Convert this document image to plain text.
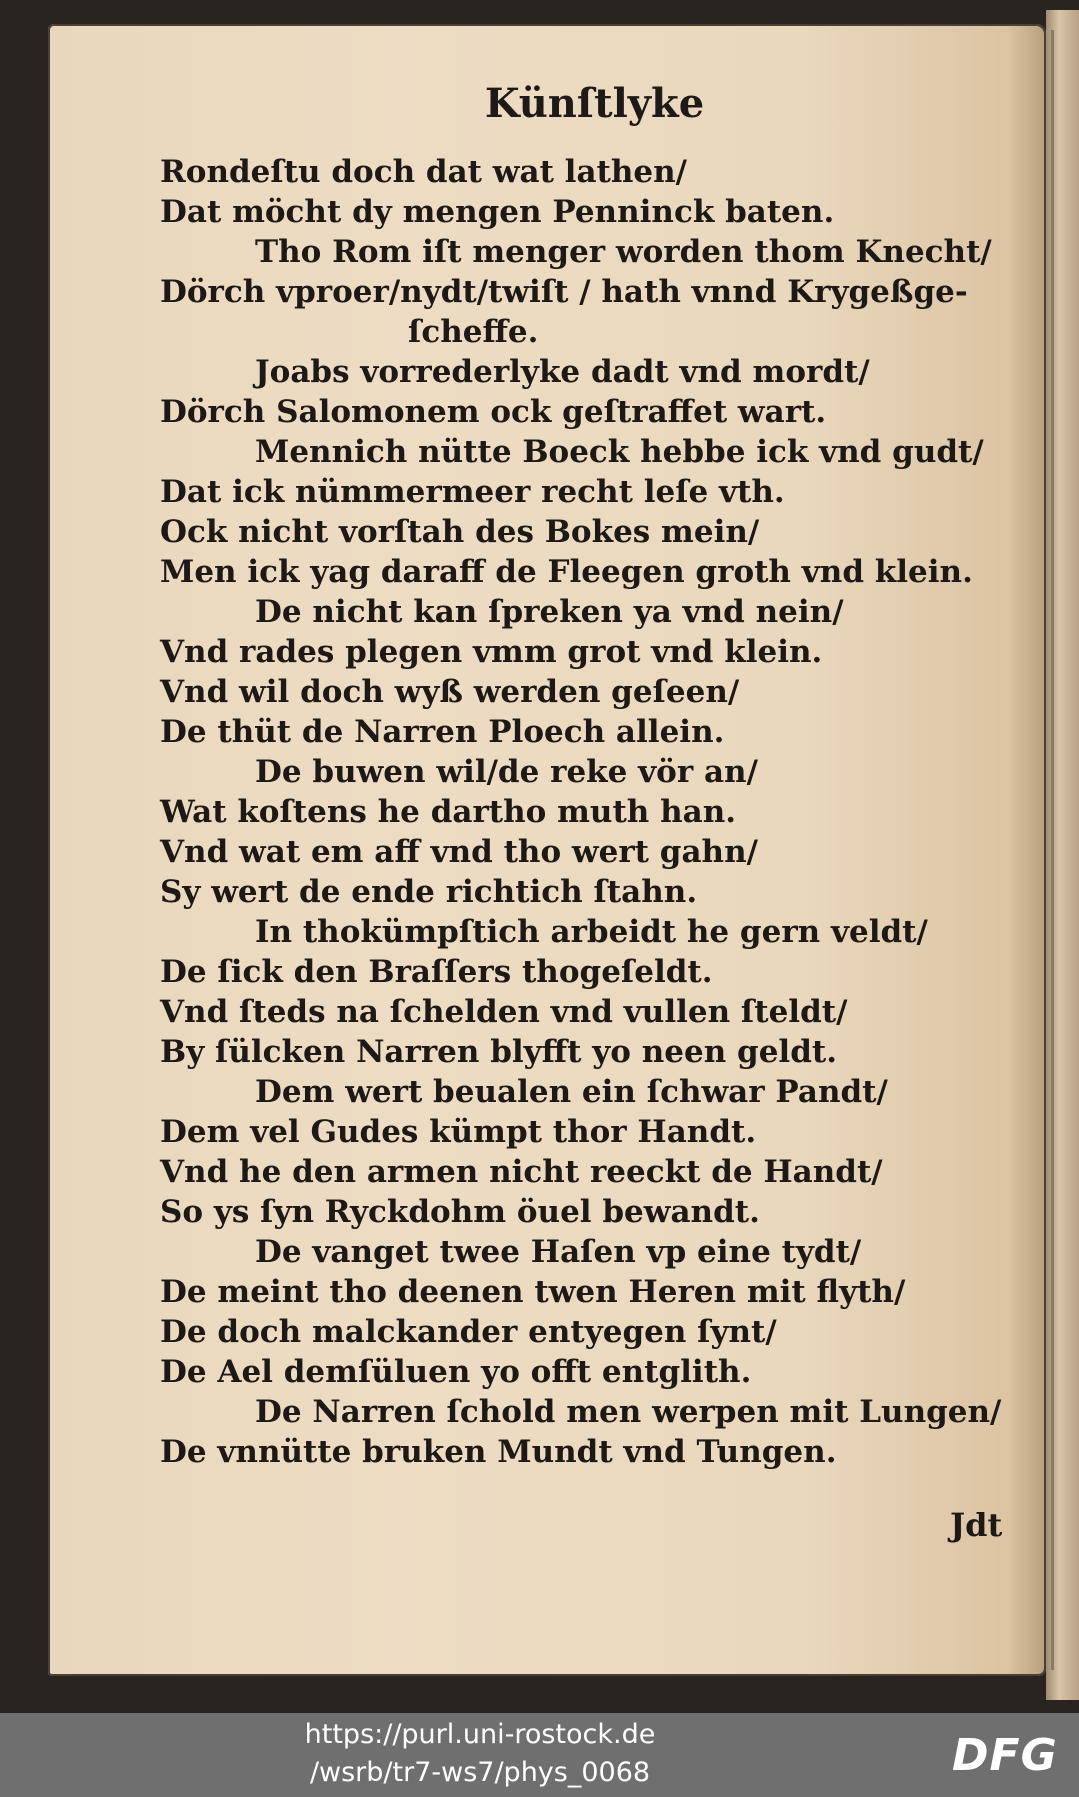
Künſtlyke
Rondeſtu doch dat wat lathen/
Dat möcht dy mengen Penninck baten.
Tho Rom iſt menger worden thom Knecht/
Dörch vproer/nydt/twiſt / hath vnnd Krygeßge-
ſcheffe.
Joabs vorrederlyke dadt vnd mordt/
Dörch Salomonem ock geſtraffet wart.
Mennich nütte Boeck hebbe ick vnd gudt/
Dat ick nümmermeer recht leſe vth.
Ock nicht vorſtah des Bokes mein/
Men ick yag daraff de Fleegen groth vnd klein.
De nicht kan ſpreken ya vnd nein/
Vnd rades plegen vmm grot vnd klein.
Vnd wil doch wyß werden geſeen/
De thüt de Narren Ploech allein.
De buwen wil/de reke vör an/
Wat koſtens he dartho muth han.
Vnd wat em aff vnd tho wert gahn/
Sy wert de ende richtich ſtahn.
In thokümpſtich arbeidt he gern veldt/
De ſick den Braſſers thogeſeldt.
Vnd ſteds na ſchelden vnd vullen ſteldt/
By ſülcken Narren blyfft yo neen geldt.
Dem wert beualen ein ſchwar Pandt/
Dem vel Gudes kümpt thor Handt.
Vnd he den armen nicht reeckt de Handt/
So ys ſyn Ryckdohm öuel bewandt.
De vanget twee Haſen vp eine tydt/
De meint tho deenen twen Heren mit flyth/
De doch malckander entyegen ſynt/
De Ael demſüluen yo offt entglith.
De Narren ſchold men werpen mit Lungen/
De vnnütte bruken Mundt vnd Tungen.
Jdt
https://purl.uni-rostock.de
/wsrb/tr7-ws7/phys_0068	DFG
